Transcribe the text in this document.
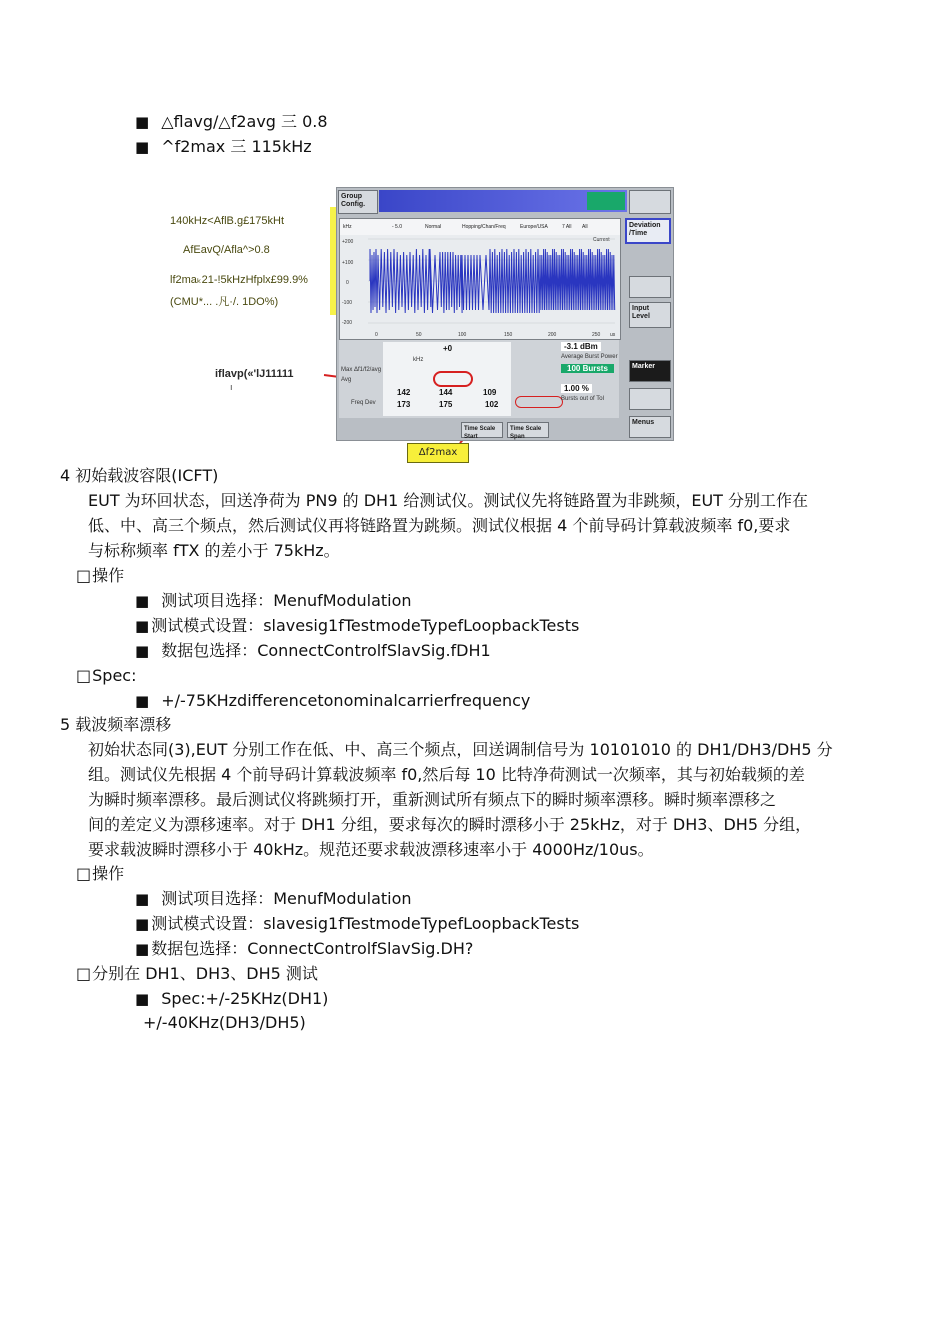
■ △flavg/△f2avg 三 0.8
■ ^f2max 三 115kHz
140kHz<AflB.g£175kHt
AfEavQ/Afla^>0.8
lf2maₖ21-!5kHzHfplx£99.9%
(CMU*... .凡·/. 1DO%)
iflavp(«'lJ11111
ı
Group Config.
Deviation /Time
Input Level
Marker
Menus
kHz	- 5.0	Normal	Hopping/Chan/Freq	Europe/USA	7 All All
Current
+200
+100
0
-100
-200
0	50	100	150	200	250 us
+0
kHz
Max Δf1/f2/avg
Avg
Freq Dev
142	144	109
173	175	102
-3.1 dBm
Average Burst Power
100 Bursts
1.00 %
Bursts out of Tol
Time Scale Start
Time Scale Span
Δf2max
4 初始载波容限(ICFT)

EUT 为环回状态，回送净荷为 PN9 的 DH1 给测试仪。测试仪先将链路置为非跳频，EUT 分别工作在

低、中、高三个频点，然后测试仪再将链路置为跳频。测试仪根据 4 个前导码计算载波频率 f0,要求

与标称频率 fTX 的差小于 75kHz。

□ 操作
■ 测试项目选择：MenufModulation
■ 测试模式设置：slavesig1fTestmodeTypefLoopbackTests
■ 数据包选择：ConnectControlfSlavSig.fDH1
□ Spec:
■ +/-75KHzdifferencetonominalcarrierfrequency
5 载波频率漂移

初始状态同(3),EUT 分别工作在低、中、高三个频点，回送调制信号为 10101010 的 DH1/DH3/DH5 分

组。测试仪先根据 4 个前导码计算载波频率 f0,然后每 10 比特净荷测试一次频率，其与初始载频的差

为瞬时频率漂移。最后测试仪将跳频打开，重新测试所有频点下的瞬时频率漂移。瞬时频率漂移之

间的差定义为漂移速率。对于 DH1 分组，要求每次的瞬时漂移小于 25kHz，对于 DH3、DH5 分组，

要求载波瞬时漂移小于 40kHz。规范还要求载波漂移速率小于 4000Hz/10us。

□ 操作
■ 测试项目选择：MenufModulation
■ 测试模式设置：slavesig1fTestmodeTypefLoopbackTests
■ 数据包选择：ConnectControlfSlavSig.DH?
□ 分别在 DH1、DH3、DH5 测试
■ Spec:+/-25KHz(DH1)
+/-40KHz(DH3/DH5)
